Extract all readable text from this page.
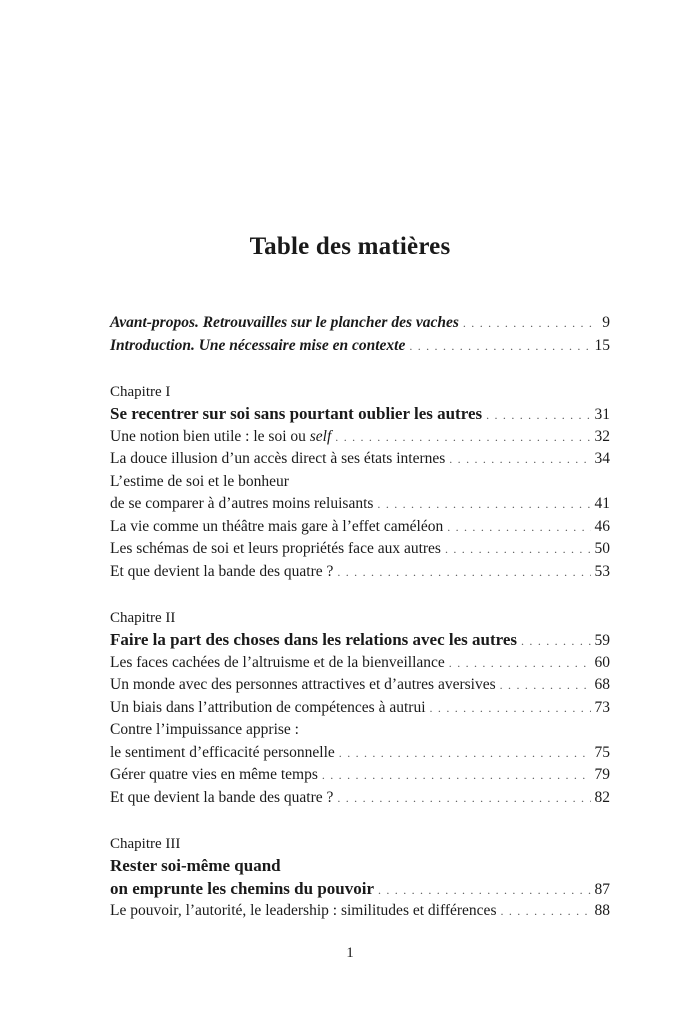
Table des matières
Avant-propos. Retrouvailles sur le plancher des vaches . . .	9
Introduction. Une nécessaire mise en contexte . . .	15
Chapitre I
Se recentrer sur soi sans pourtant oublier les autres . . .	31
Une notion bien utile : le soi ou self . . .	32
La douce illusion d’un accès direct à ses états internes . . .	34
L’estime de soi et le bonheur
de se comparer à d’autres moins reluisants . . .	41
La vie comme un théâtre mais gare à l’effet caméléon . . .	46
Les schémas de soi et leurs propriétés face aux autres . . .	50
Et que devient la bande des quatre ? . . .	53
Chapitre II
Faire la part des choses dans les relations avec les autres . . .	59
Les faces cachées de l’altruisme et de la bienveillance . . .	60
Un monde avec des personnes attractives et d’autres aversives . . .	68
Un biais dans l’attribution de compétences à autrui . . .	73
Contre l’impuissance apprise :
le sentiment d’efficacité personnelle . . .	75
Gérer quatre vies en même temps . . .	79
Et que devient la bande des quatre ? . . .	82
Chapitre III
Rester soi-même quand
on emprunte les chemins du pouvoir . . .	87
Le pouvoir, l’autorité, le leadership : similitudes et différences . . .	88
1
